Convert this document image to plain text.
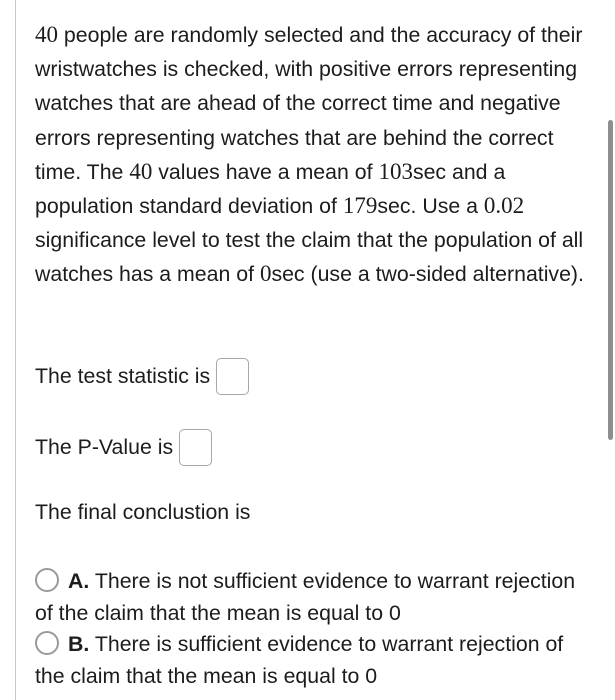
40 people are randomly selected and the accuracy of their wristwatches is checked, with positive errors representing watches that are ahead of the correct time and negative errors representing watches that are behind the correct time. The 40 values have a mean of 103sec and a population standard deviation of 179sec. Use a 0.02 significance level to test the claim that the population of all watches has a mean of 0sec (use a two-sided alternative).
The test statistic is
The P-Value is
The final conclustion is
A. There is not sufficient evidence to warrant rejection of the claim that the mean is equal to 0
B. There is sufficient evidence to warrant rejection of the claim that the mean is equal to 0
